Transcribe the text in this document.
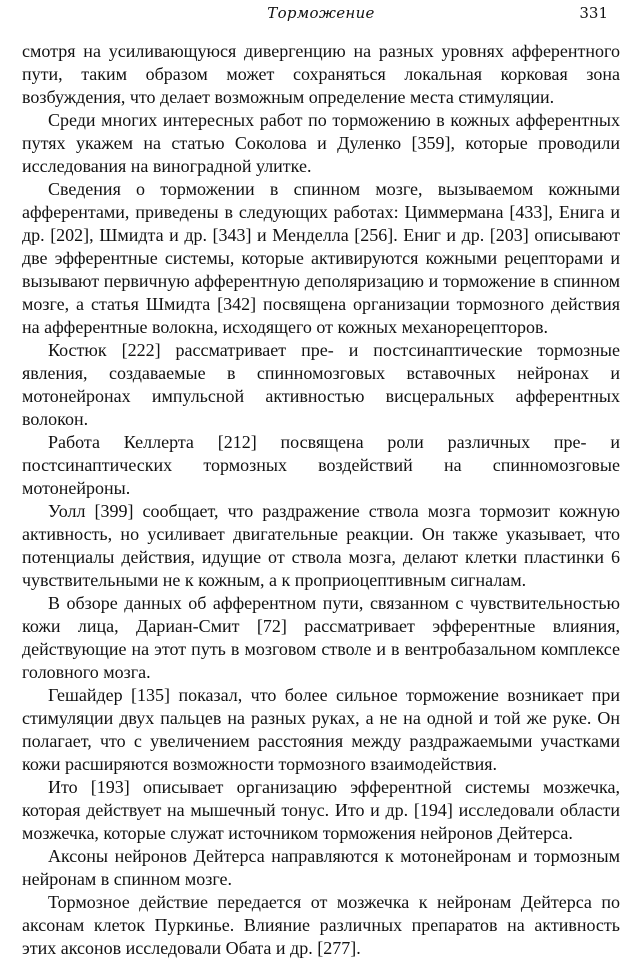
Торможение	331

смотря на усиливающуюся дивергенцию на разных уровнях афферентного пути, таким образом может сохраняться локальная корковая зона возбуждения, что делает возможным определение места стимуляции.

Среди многих интересных работ по торможению в кожных афферентных путях укажем на статью Соколова и Дуленко [359], которые проводили исследования на виноградной улитке.

Сведения о торможении в спинном мозге, вызываемом кожными афферентами, приведены в следующих работах: Циммермана [433], Енига и др. [202], Шмидта и др. [343] и Менделла [256]. Ениг и др. [203] описывают две эфферентные системы, которые активируются кожными рецепторами и вызывают первичную афферентную деполяризацию и торможение в спинном мозге, а статья Шмидта [342] посвящена организации тормозного действия на афферентные волокна, исходящего от кожных механорецепторов.

Костюк [222] рассматривает пре- и постсинаптические тормозные явления, создаваемые в спинномозговых вставочных нейронах и мотонейронах импульсной активностью висцеральных афферентных волокон.

Работа Келлерта [212] посвящена роли различных пре- и постсинаптических тормозных воздействий на спинномозговые мотонейроны.

Уолл [399] сообщает, что раздражение ствола мозга тормозит кожную активность, но усиливает двигательные реакции. Он также указывает, что потенциалы действия, идущие от ствола мозга, делают клетки пластинки 6 чувствительными не к кожным, а к проприоцептивным сигналам.

В обзоре данных об афферентном пути, связанном с чувствительностью кожи лица, Дариан-Смит [72] рассматривает эфферентные влияния, действующие на этот путь в мозговом стволе и в вентробазальном комплексе головного мозга.

Гешайдер [135] показал, что более сильное торможение возникает при стимуляции двух пальцев на разных руках, а не на одной и той же руке. Он полагает, что с увеличением расстояния между раздражаемыми участками кожи расширяются возможности тормозного взаимодействия.

Ито [193] описывает организацию эфферентной системы мозжечка, которая действует на мышечный тонус. Ито и др. [194] исследовали области мозжечка, которые служат источником торможения нейронов Дейтерса.

Аксоны нейронов Дейтерса направляются к мотонейронам и тормозным нейронам в спинном мозге.

Тормозное действие передается от мозжечка к нейронам Дейтерса по аксонам клеток Пуркинье. Влияние различных препаратов на активность этих аксонов исследовали Обата и др. [277].
